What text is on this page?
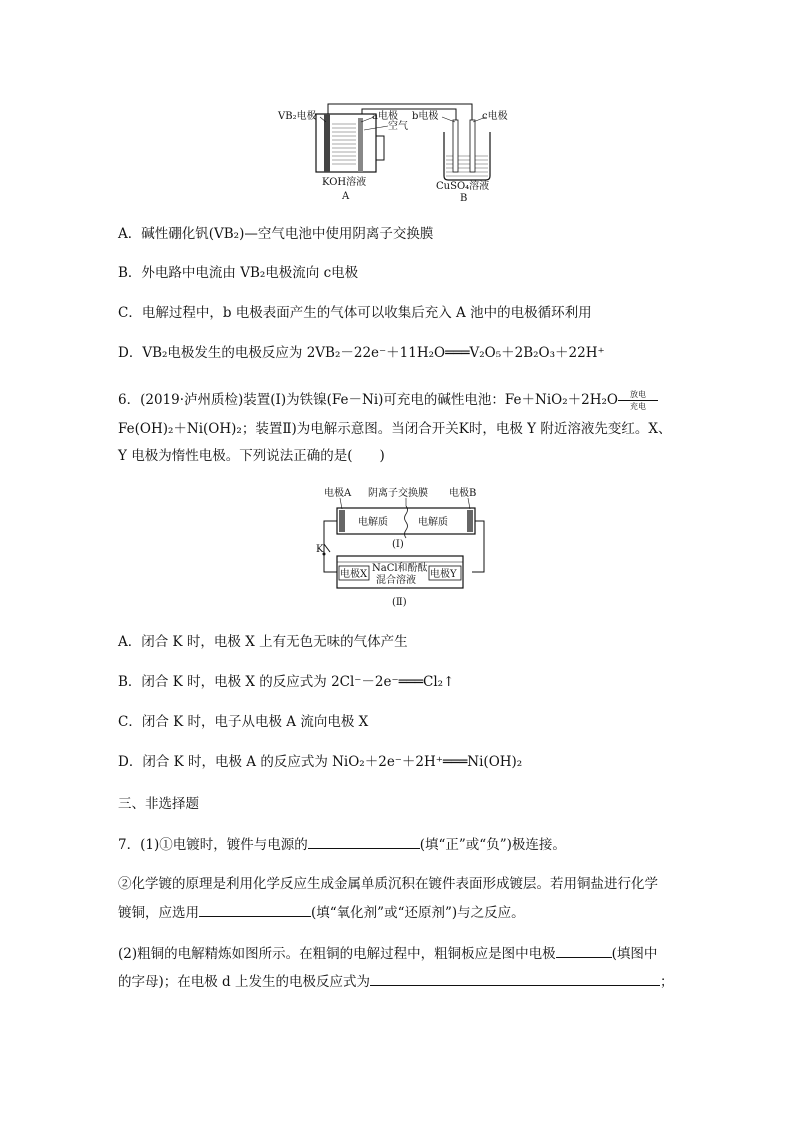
VB₂电极	a电极
空气
b电极	c电极
KOH溶液
A
CuSO₄溶液
B
A．碱性硼化钒(VB₂)—空气电池中使用阴离子交换膜
B．外电路中电流由 VB₂电极流向 c电极
C．电解过程中，b 电极表面产生的气体可以收集后充入 A 池中的电极循环利用
D．VB₂电极发生的电极反应为 2VB₂－22e⁻＋11H₂O═══V₂O₅＋2B₂O₃＋22H⁺
6．(2019·泸州质检)装置(Ⅰ)为铁镍(Fe－Ni)可充电的碱性电池：Fe＋NiO₂＋2H₂O	放电
充电
Fe(OH)₂＋Ni(OH)₂；装置Ⅱ)为电解示意图。当闭合开关K时，电极 Y 附近溶液先变红。X、
Y 电极为惰性电极。下列说法正确的是(　　)
电极A 阴离子交换膜 电极B
电解质	电解质
(Ⅰ)
K
电极X
NaCl和酚酞
混合溶液
电极Y
(Ⅱ)
A．闭合 K 时，电极 X 上有无色无味的气体产生
B．闭合 K 时，电极 X 的反应式为 2Cl⁻－2e⁻═══Cl₂↑
C．闭合 K 时，电子从电极 A 流向电极 X
D．闭合 K 时，电极 A 的反应式为 NiO₂＋2e⁻＋2H⁺═══Ni(OH)₂
三、非选择题
7．(1)①电镀时，镀件与电源的	(填“正”或“负”)极连接。
②化学镀的原理是利用化学反应生成金属单质沉积在镀件表面形成镀层。若用铜盐进行化学
镀铜，应选用	(填“氧化剂”或“还原剂”)与之反应。
(2)粗铜的电解精炼如图所示。在粗铜的电解过程中，粗铜板应是图中电极	(填图中
的字母)；在电极 d 上发生的电极反应式为	；
